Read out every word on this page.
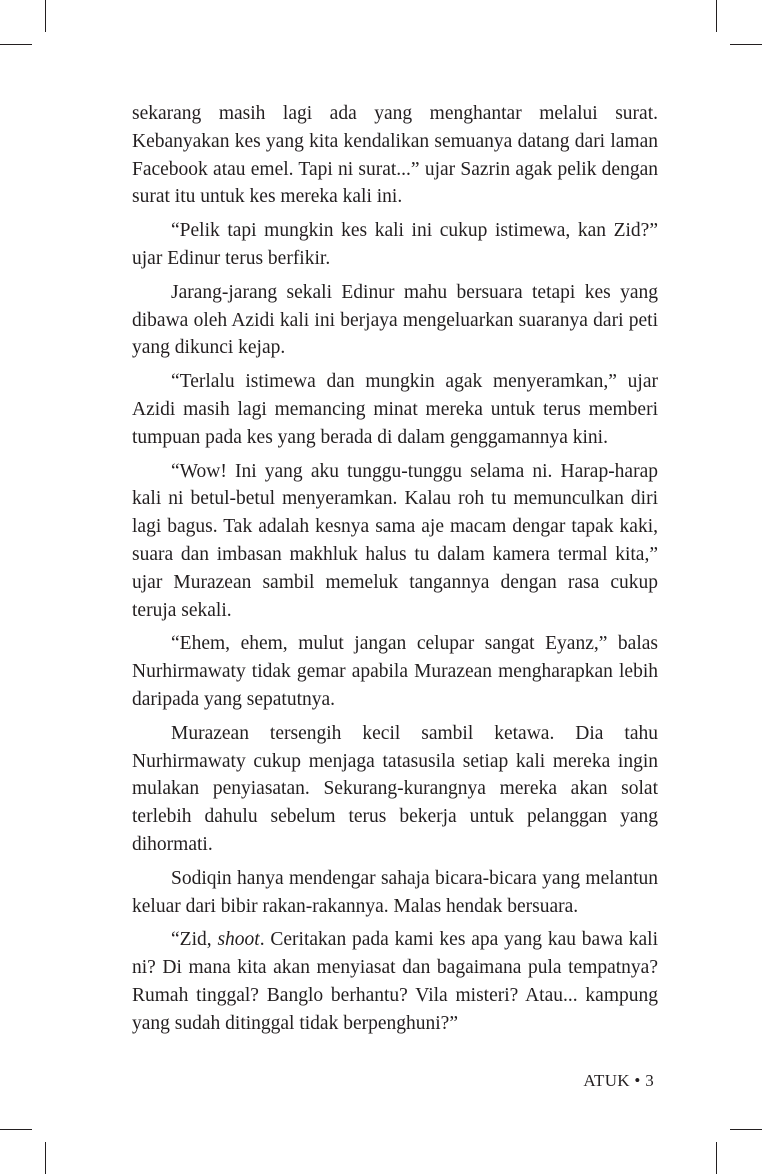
sekarang masih lagi ada yang menghantar melalui surat. Kebanyakan kes yang kita kendalikan semuanya datang dari laman Facebook atau emel. Tapi ni surat...” ujar Sazrin agak pelik dengan surat itu untuk kes mereka kali ini.

“Pelik tapi mungkin kes kali ini cukup istimewa, kan Zid?” ujar Edinur terus berfikir.

Jarang-jarang sekali Edinur mahu bersuara tetapi kes yang dibawa oleh Azidi kali ini berjaya mengeluarkan suaranya dari peti yang dikunci kejap.

“Terlalu istimewa dan mungkin agak menyeramkan,” ujar Azidi masih lagi memancing minat mereka untuk terus memberi tumpuan pada kes yang berada di dalam genggamannya kini.

“Wow! Ini yang aku tunggu-tunggu selama ni. Harap-harap kali ni betul-betul menyeramkan. Kalau roh tu memunculkan diri lagi bagus. Tak adalah kesnya sama aje macam dengar tapak kaki, suara dan imbasan makhluk halus tu dalam kamera termal kita,” ujar Murazean sambil memeluk tangannya dengan rasa cukup teruja sekali.

“Ehem, ehem, mulut jangan celupar sangat Eyanz,” balas Nurhirmawaty tidak gemar apabila Murazean mengharapkan lebih daripada yang sepatutnya.

Murazean tersengih kecil sambil ketawa. Dia tahu Nurhirmawaty cukup menjaga tatasusila setiap kali mereka ingin mulakan penyiasatan. Sekurang-kurangnya mereka akan solat terlebih dahulu sebelum terus bekerja untuk pelanggan yang dihormati.

Sodiqin hanya mendengar sahaja bicara-bicara yang melantun keluar dari bibir rakan-rakannya. Malas hendak bersuara.

“Zid, shoot. Ceritakan pada kami kes apa yang kau bawa kali ni? Di mana kita akan menyiasat dan bagaimana pula tempatnya? Rumah tinggal? Banglo berhantu? Vila misteri? Atau... kampung yang sudah ditinggal tidak berpenghuni?”

ATUK • 3
